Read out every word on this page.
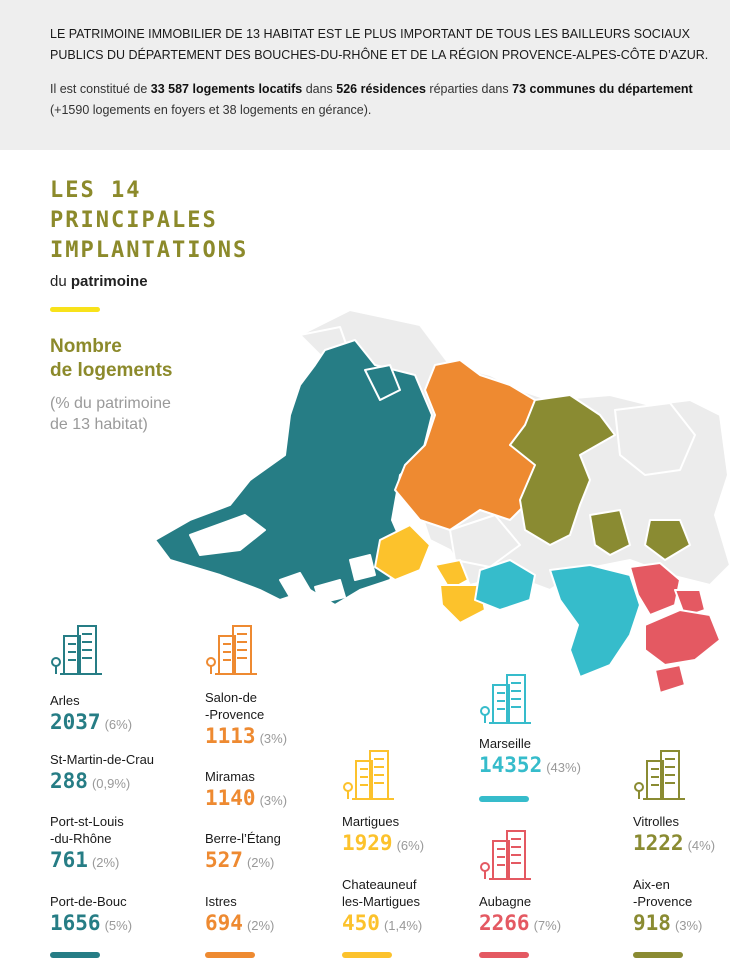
LE PATRIMOINE IMMOBILIER DE 13 HABITAT EST LE PLUS IMPORTANT DE TOUS LES BAILLEURS SOCIAUX PUBLICS DU DÉPARTEMENT DES BOUCHES-DU-RHÔNE ET DE LA RÉGION PROVENCE-ALPES-CÔTE D’AZUR.
Il est constitué de 33 587 logements locatifs dans 526 résidences réparties dans 73 communes du département (+1590 logements en foyers et 38 logements en gérance).
LES 14
PRINCIPALES
IMPLANTATIONS
du patrimoine
Nombre
de logements
(% du patrimoine
de 13 habitat)
Arles
2037 (6%)
St-Martin-de-Crau
288 (0,9%)
Port-st-Louis
-du-Rhône
761 (2%)
Port-de-Bouc
1656 (5%)
Salon-de
-Provence
1113 (3%)
Miramas
1140 (3%)
Berre-l’Étang
527 (2%)
Istres
694 (2%)
Martigues
1929 (6%)
Chateauneuf
les-Martigues
450 (1,4%)
Marseille
14352 (43%)
Aubagne
2266 (7%)
Vitrolles
1222 (4%)
Aix-en
-Provence
918 (3%)
